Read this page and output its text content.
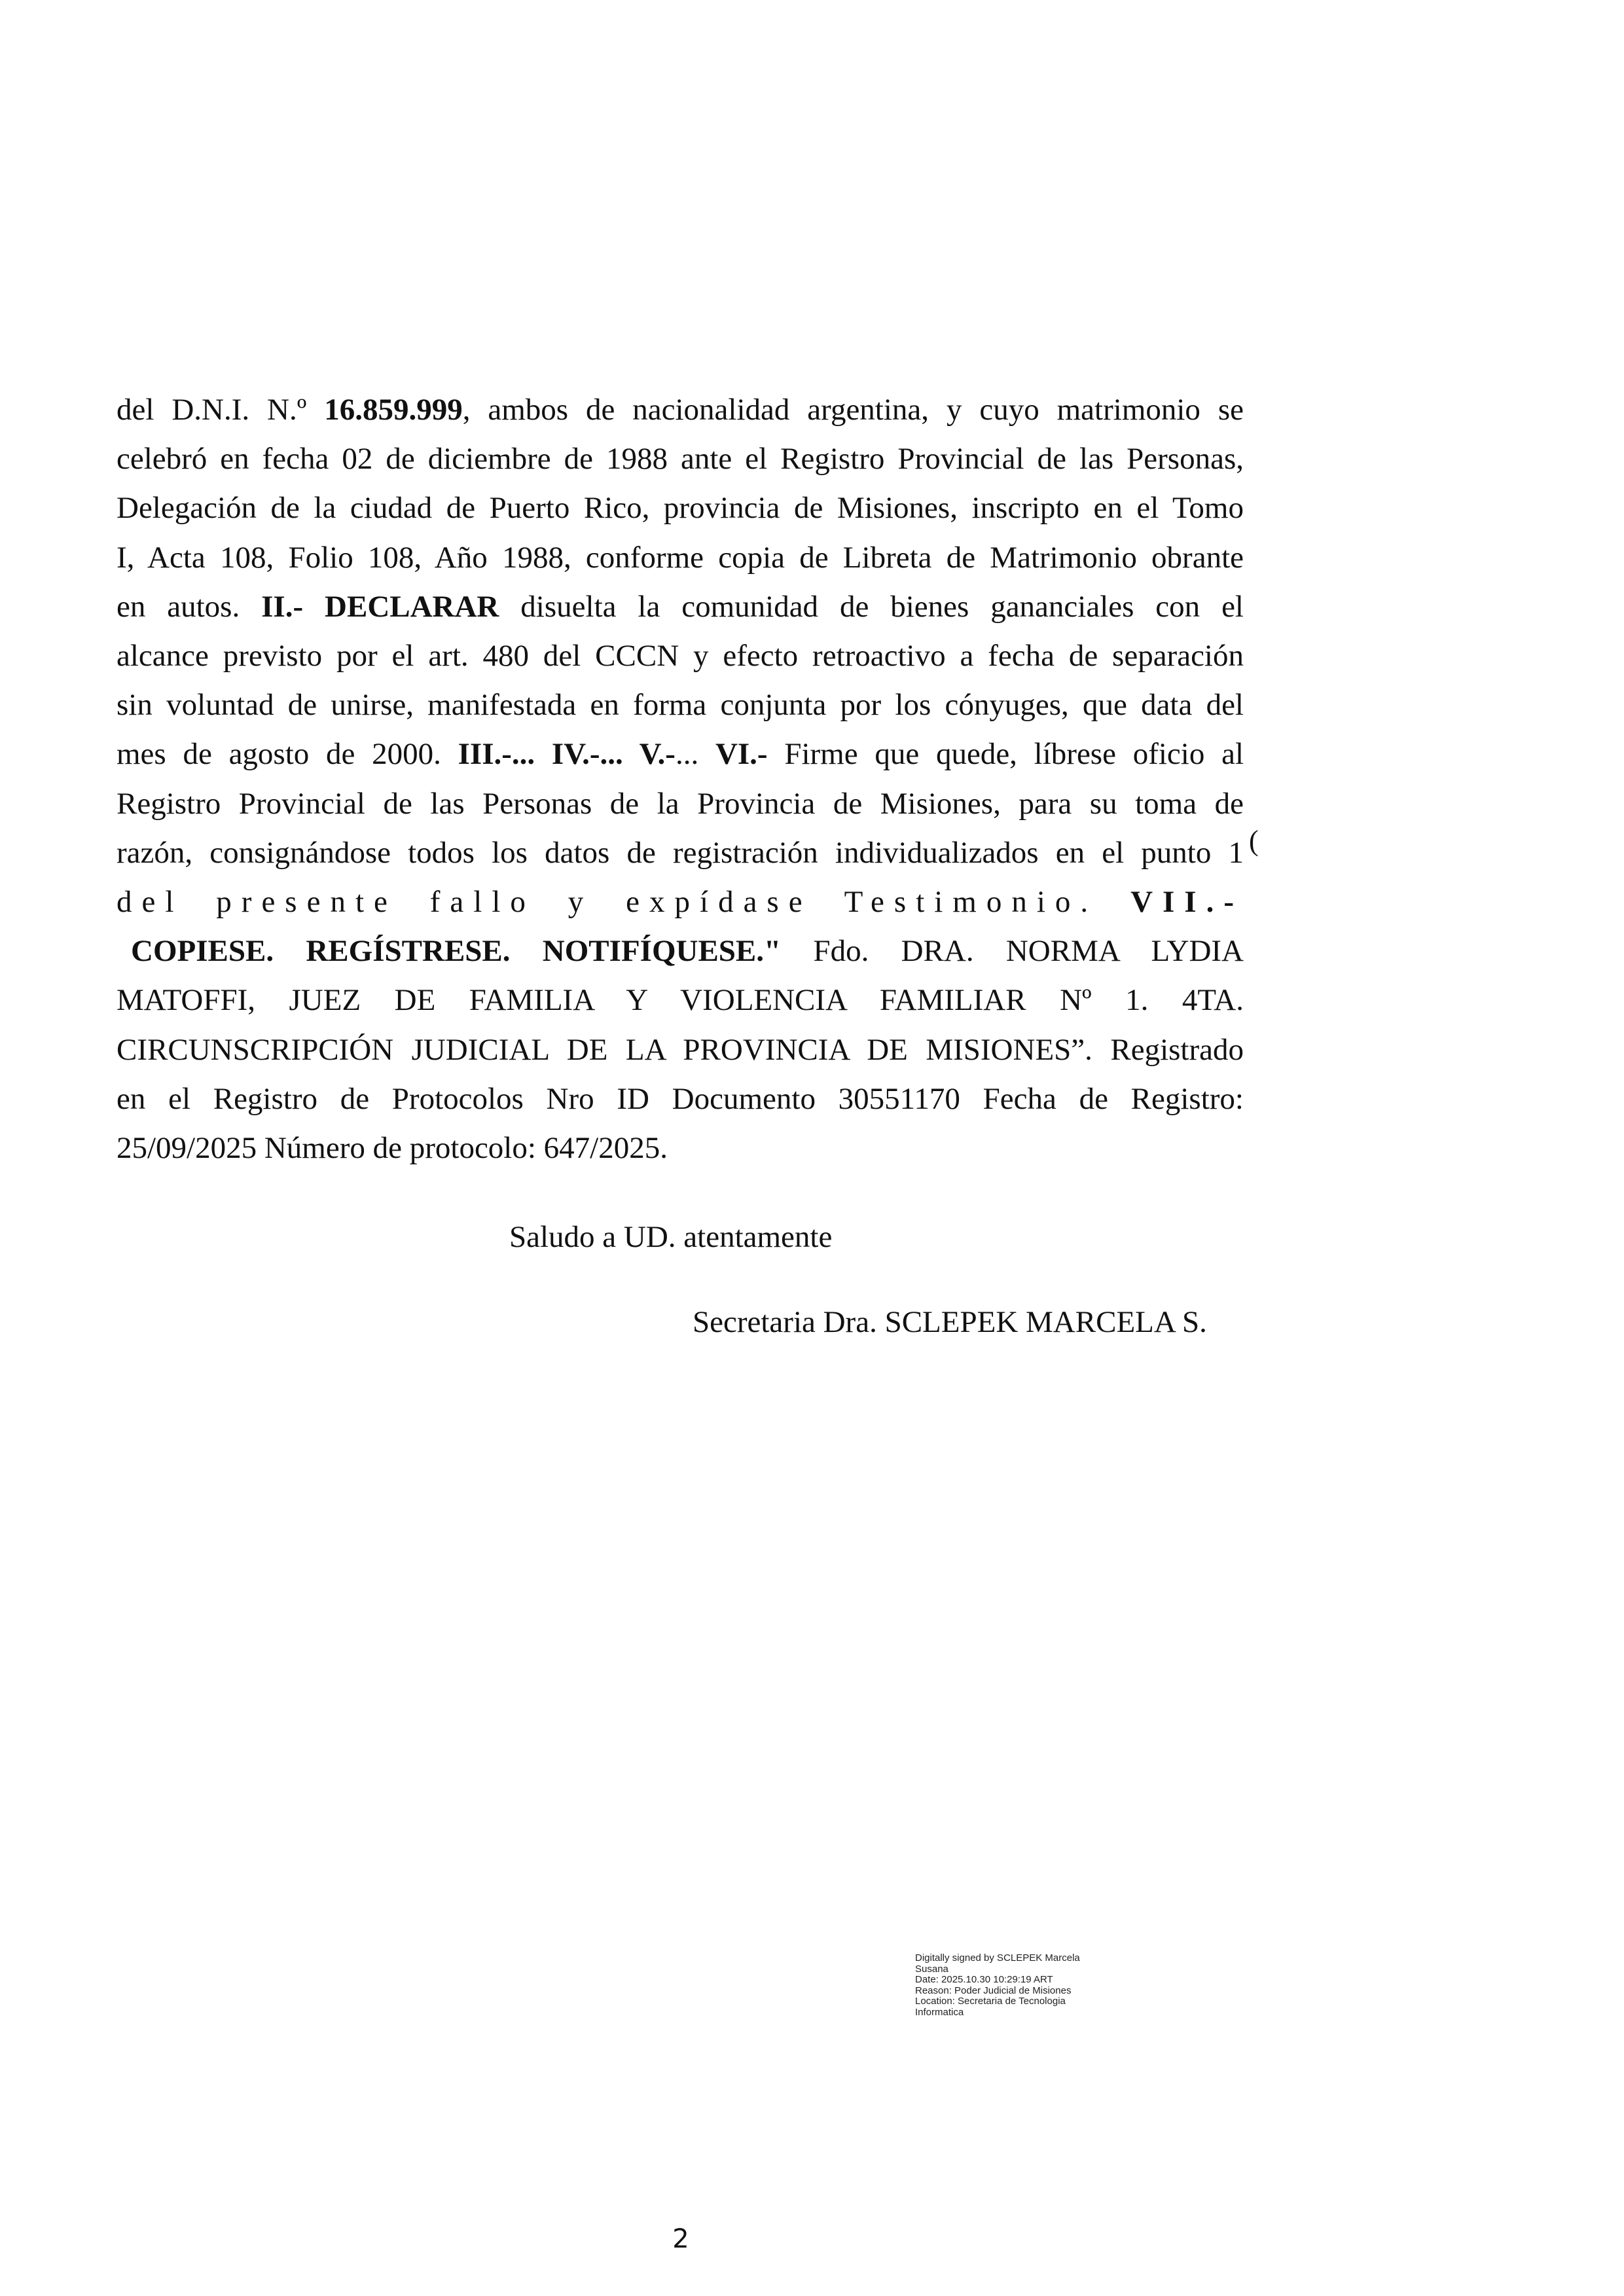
del D.N.I. N.º 16.859.999, ambos de nacionalidad argentina, y cuyo matrimonio se
celebró en fecha 02 de diciembre de 1988 ante el Registro Provincial de las Personas,
Delegación de la ciudad de Puerto Rico, provincia de Misiones, inscripto en el Tomo
I, Acta 108, Folio 108, Año 1988, conforme copia de Libreta de Matrimonio obrante
en autos. II.- DECLARAR disuelta la comunidad de bienes gananciales con el
alcance previsto por el art. 480 del CCCN y efecto retroactivo a fecha de separación
sin voluntad de unirse, manifestada en forma conjunta por los cónyuges, que data del
mes de agosto de 2000. III.-... IV.-... V.-... VI.- Firme que quede, líbrese oficio al
Registro Provincial de las Personas de la Provincia de Misiones, para su toma de
razón, consignándose todos los datos de registración individualizados en el punto 1
del presente fallo y expídase Testimonio. VII.-
COPIESE. REGÍSTRESE. NOTIFÍQUESE." Fdo. DRA. NORMA LYDIA
MATOFFI, JUEZ DE FAMILIA Y VIOLENCIA FAMILIAR Nº 1. 4TA.
CIRCUNSCRIPCIÓN JUDICIAL DE LA PROVINCIA DE MISIONES”. Registrado
en el Registro de Protocolos Nro ID Documento 30551170 Fecha de Registro:
25/09/2025 Número de protocolo: 647/2025.
(
Saludo a UD. atentamente
Secretaria Dra. SCLEPEK MARCELA S.
Digitally signed by SCLEPEK Marcela
Susana
Date: 2025.10.30 10:29:19 ART
Reason: Poder Judicial de Misiones
Location: Secretaria de Tecnologia
Informatica
2
